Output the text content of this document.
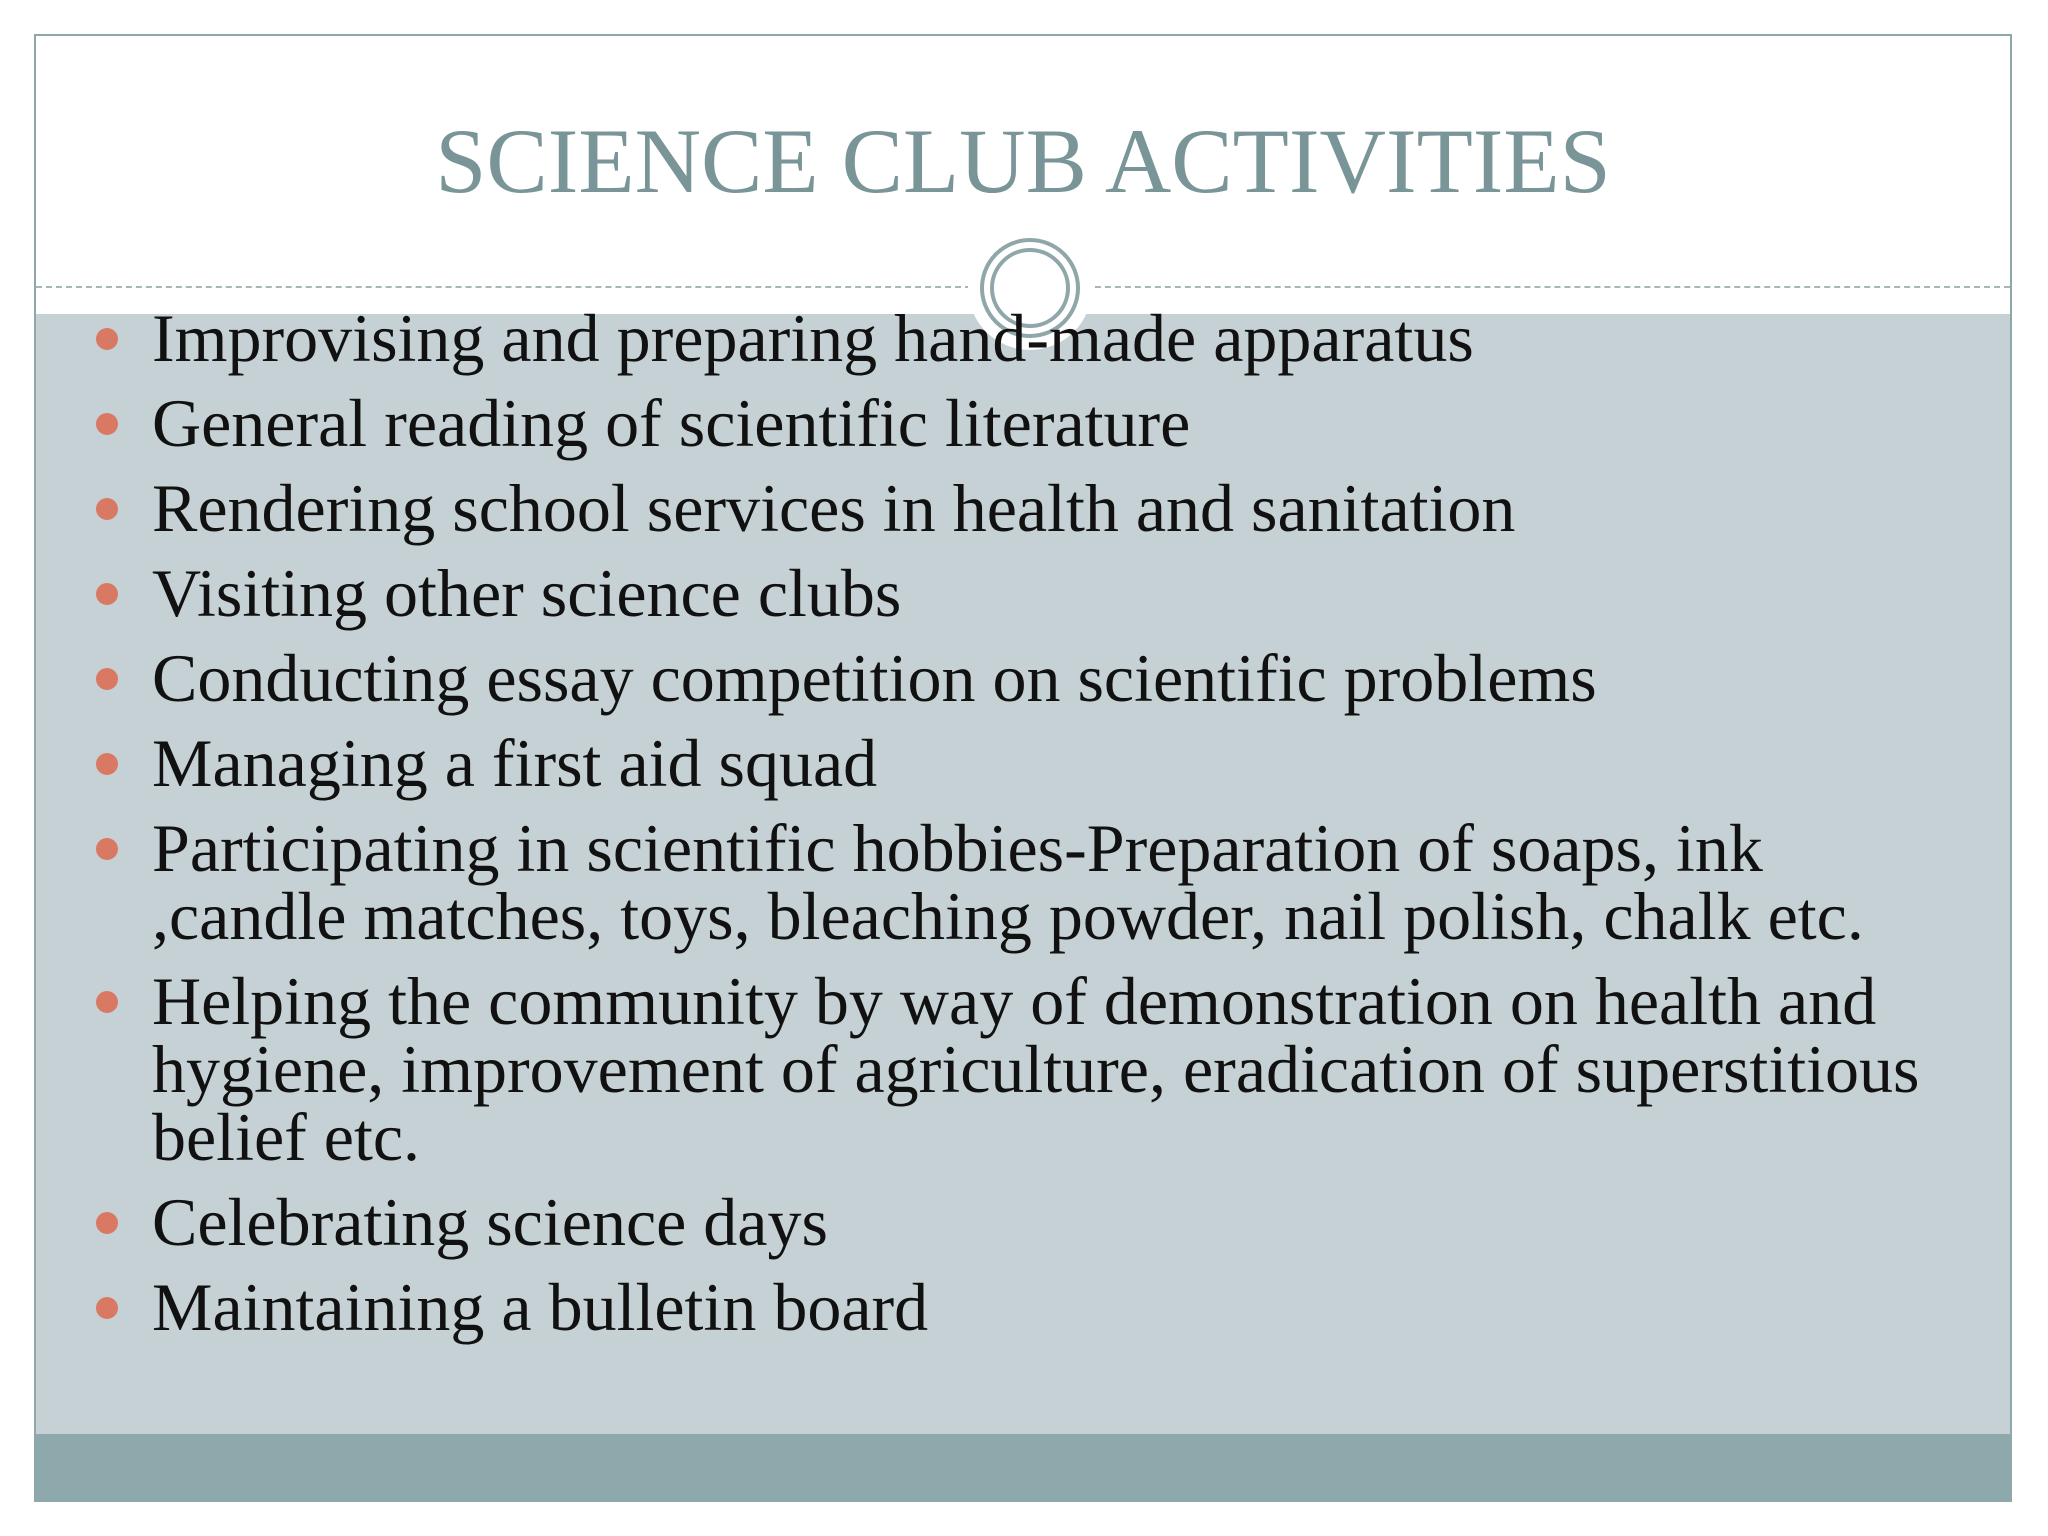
SCIENCE CLUB ACTIVITIES
Improvising and preparing hand-made apparatus
General reading of scientific literature
Rendering school services in health and sanitation
Visiting other science clubs
Conducting essay competition on scientific problems
Managing a first aid squad
Participating in scientific hobbies-Preparation of soaps, ink ,candle matches, toys, bleaching powder, nail polish, chalk etc.
Helping the community by way of demonstration on health and hygiene, improvement of agriculture, eradication of superstitious belief etc.
Celebrating science days
Maintaining a bulletin board
